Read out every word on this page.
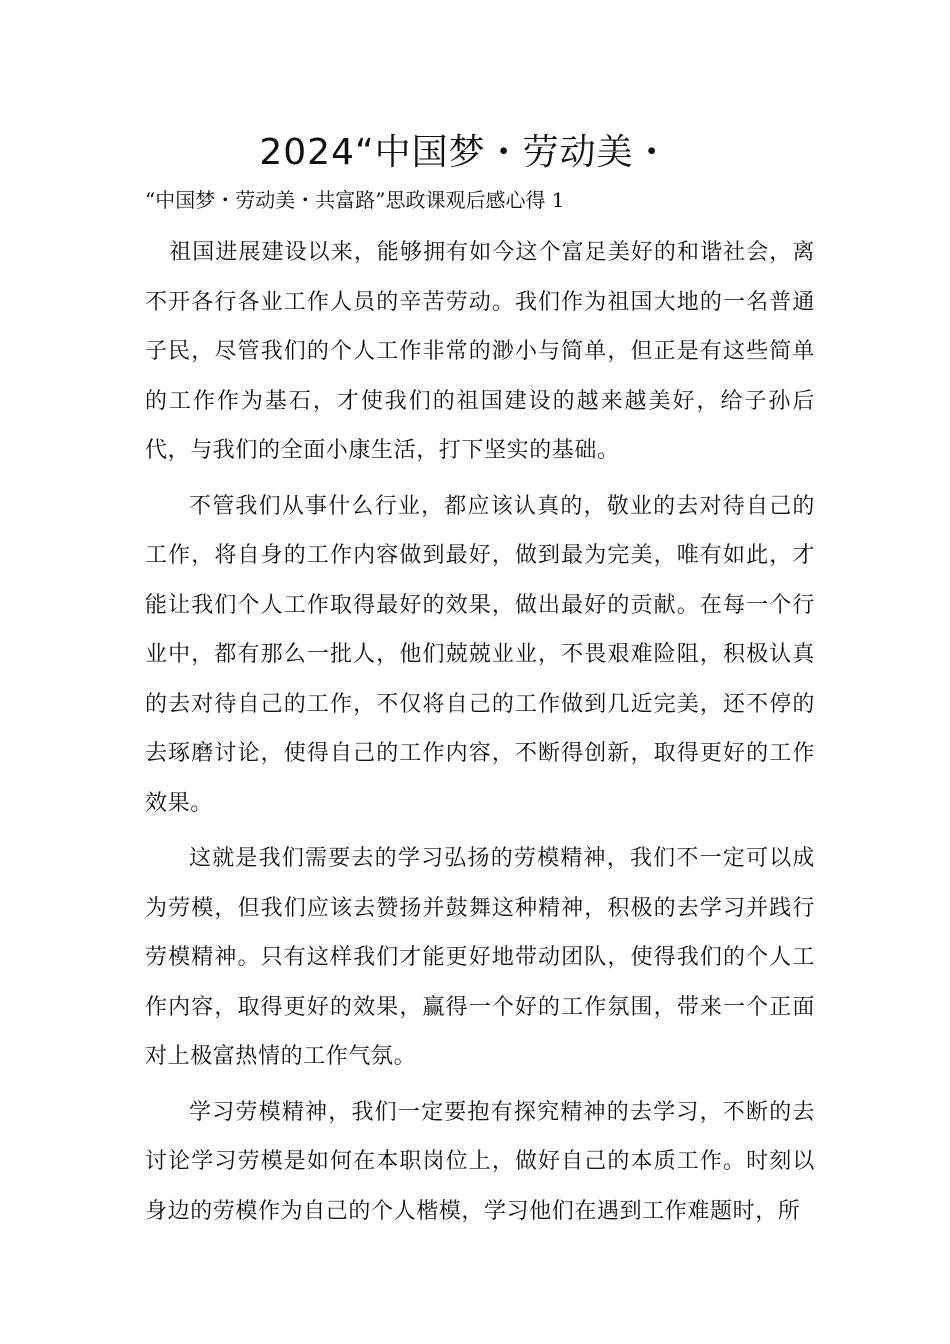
2024“中国梦・劳动美・

“中国梦・劳动美・共富路”思政课观后感心得 1

祖国进展建设以来，能够拥有如今这个富足美好的和谐社会，离不开各行各业工作人员的辛苦劳动。我们作为祖国大地的一名普通子民，尽管我们的个人工作非常的渺小与简单，但正是有这些简单的工作作为基石，才使我们的祖国建设的越来越美好，给子孙后代，与我们的全面小康生活，打下坚实的基础。

不管我们从事什么行业，都应该认真的，敬业的去对待自己的工作，将自身的工作内容做到最好，做到最为完美，唯有如此，才能让我们个人工作取得最好的效果，做出最好的贡献。在每一个行业中，都有那么一批人，他们兢兢业业，不畏艰难险阻，积极认真的去对待自己的工作，不仅将自己的工作做到几近完美，还不停的去琢磨讨论，使得自己的工作内容，不断得创新，取得更好的工作效果。

这就是我们需要去的学习弘扬的劳模精神，我们不一定可以成为劳模，但我们应该去赞扬并鼓舞这种精神，积极的去学习并践行劳模精神。只有这样我们才能更好地带动团队，使得我们的个人工作内容，取得更好的效果，赢得一个好的工作氛围，带来一个正面对上极富热情的工作气氛。

学习劳模精神，我们一定要抱有探究精神的去学习，不断的去讨论学习劳模是如何在本职岗位上，做好自己的本质工作。时刻以身边的劳模作为自己的个人楷模，学习他们在遇到工作难题时，所
